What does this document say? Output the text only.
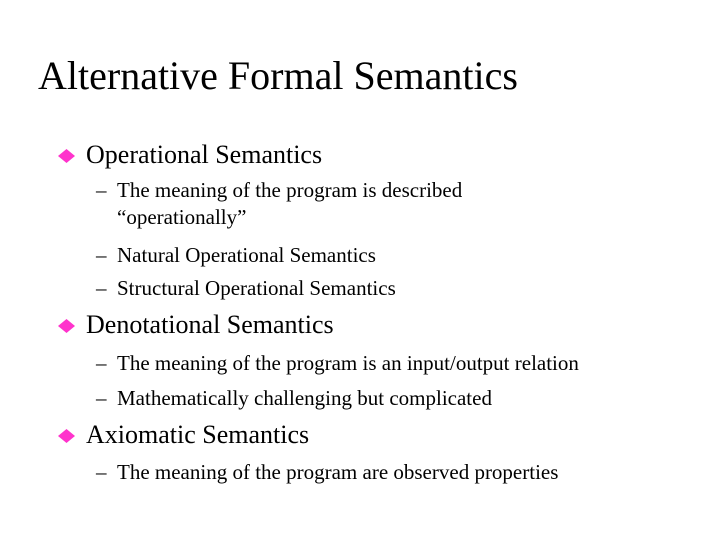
Alternative Formal Semantics
Operational Semantics
– The meaning of the program is described
“operationally”
– Natural Operational Semantics
– Structural Operational Semantics
Denotational Semantics
– The meaning of the program is an input/output relation
– Mathematically challenging but complicated
Axiomatic Semantics
– The meaning of the program are observed properties
